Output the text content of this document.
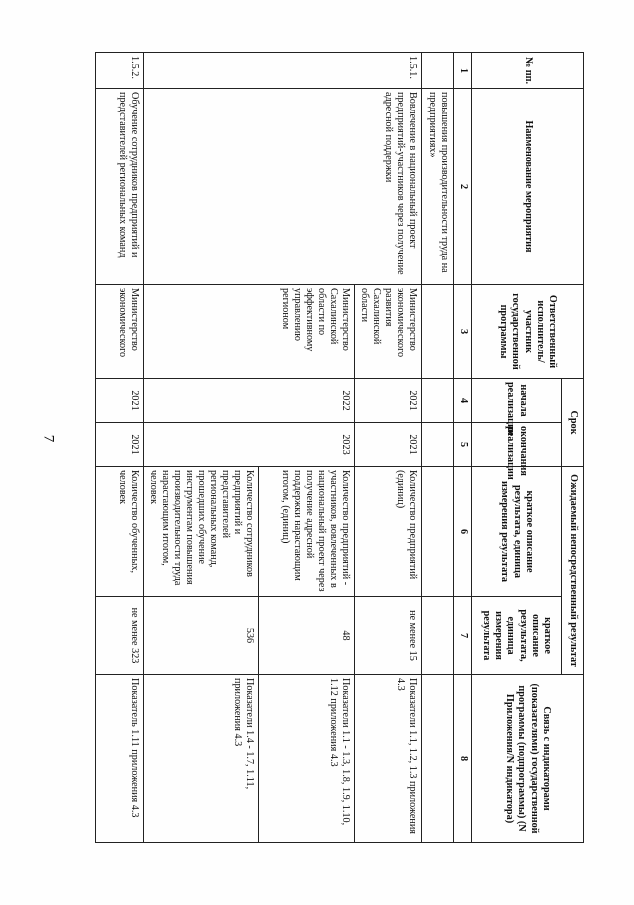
7
№ пп.	Наименование мероприятия	Ответственный исполнитель/участник государственной программы	Срок		Ожидаемый непосредственный результат		Связь с индикаторами (показателями) государственной программы (подпрограммы) (N Приложения/N индикатора)
			начала реализации	окончания реализации	краткое описание результата, единица измерения результата	краткое описание результата, единица измерения результата	
1	2	3	4	5	6	7	8
	повышения производительности труда на предприятиях»						
1.5.1.	Вовлечение в национальный проект предприятий-участников через получение адресной поддержки	Министерство экономического развития Сахалинской области	2021	2021	Количество предприятий (единиц)	не менее 15	Показатели 1.1, 1.2, 1.3 приложения 4.3
		Министерство Сахалинской области по эффективному управлению регионом	2022	2023	Количество предприятий - участников, вовлеченных в национальный проект через получение адресной поддержки нарастающим итогом, (единиц)	48	Показатели 1.1 - 1.3, 1.8, 1.9, 1.10, 1.12 приложения 4.3
					Количество сотрудников предприятий и представителей региональных команд, прошедших обучение инструментам повышения производительности труда нарастающим итогом, человек	536	Показатели 1.4 - 1.7, 1.11, приложения 4.3
1.5.2.	Обучение сотрудников предприятий и представителей региональных команд	Министерство экономического	2021	2021	Количество обученных, человек	не менее 323	Показатель 1.11 приложения 4.3
